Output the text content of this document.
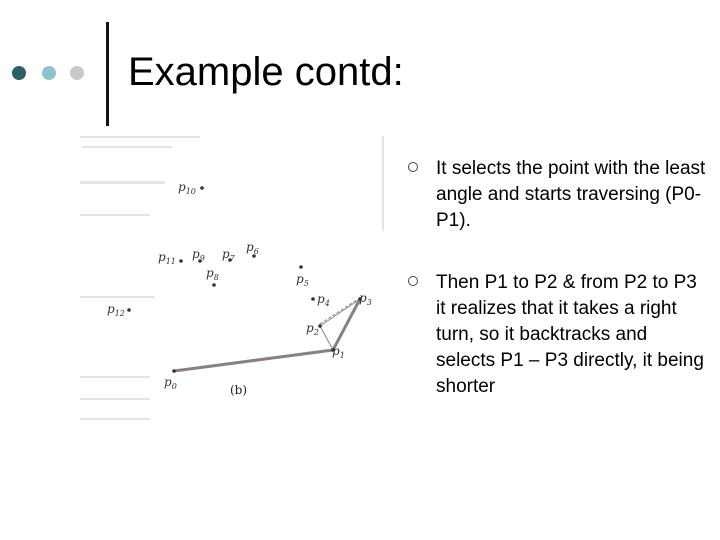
Example contd:
$p_0$
$p_1$
$p_2$
$p_3$
$p_4$
$p_5$
$p_6$
$p_7$
$p_8$
$p_9$
$p_{10}$
$p_{11}$
$p_{12}$
(b)
It selects the point with the least angle and starts traversing (P0-P1).
Then P1 to P2 & from P2 to P3 it realizes that it takes a right turn, so it backtracks and selects P1 – P3 directly, it being shorter
